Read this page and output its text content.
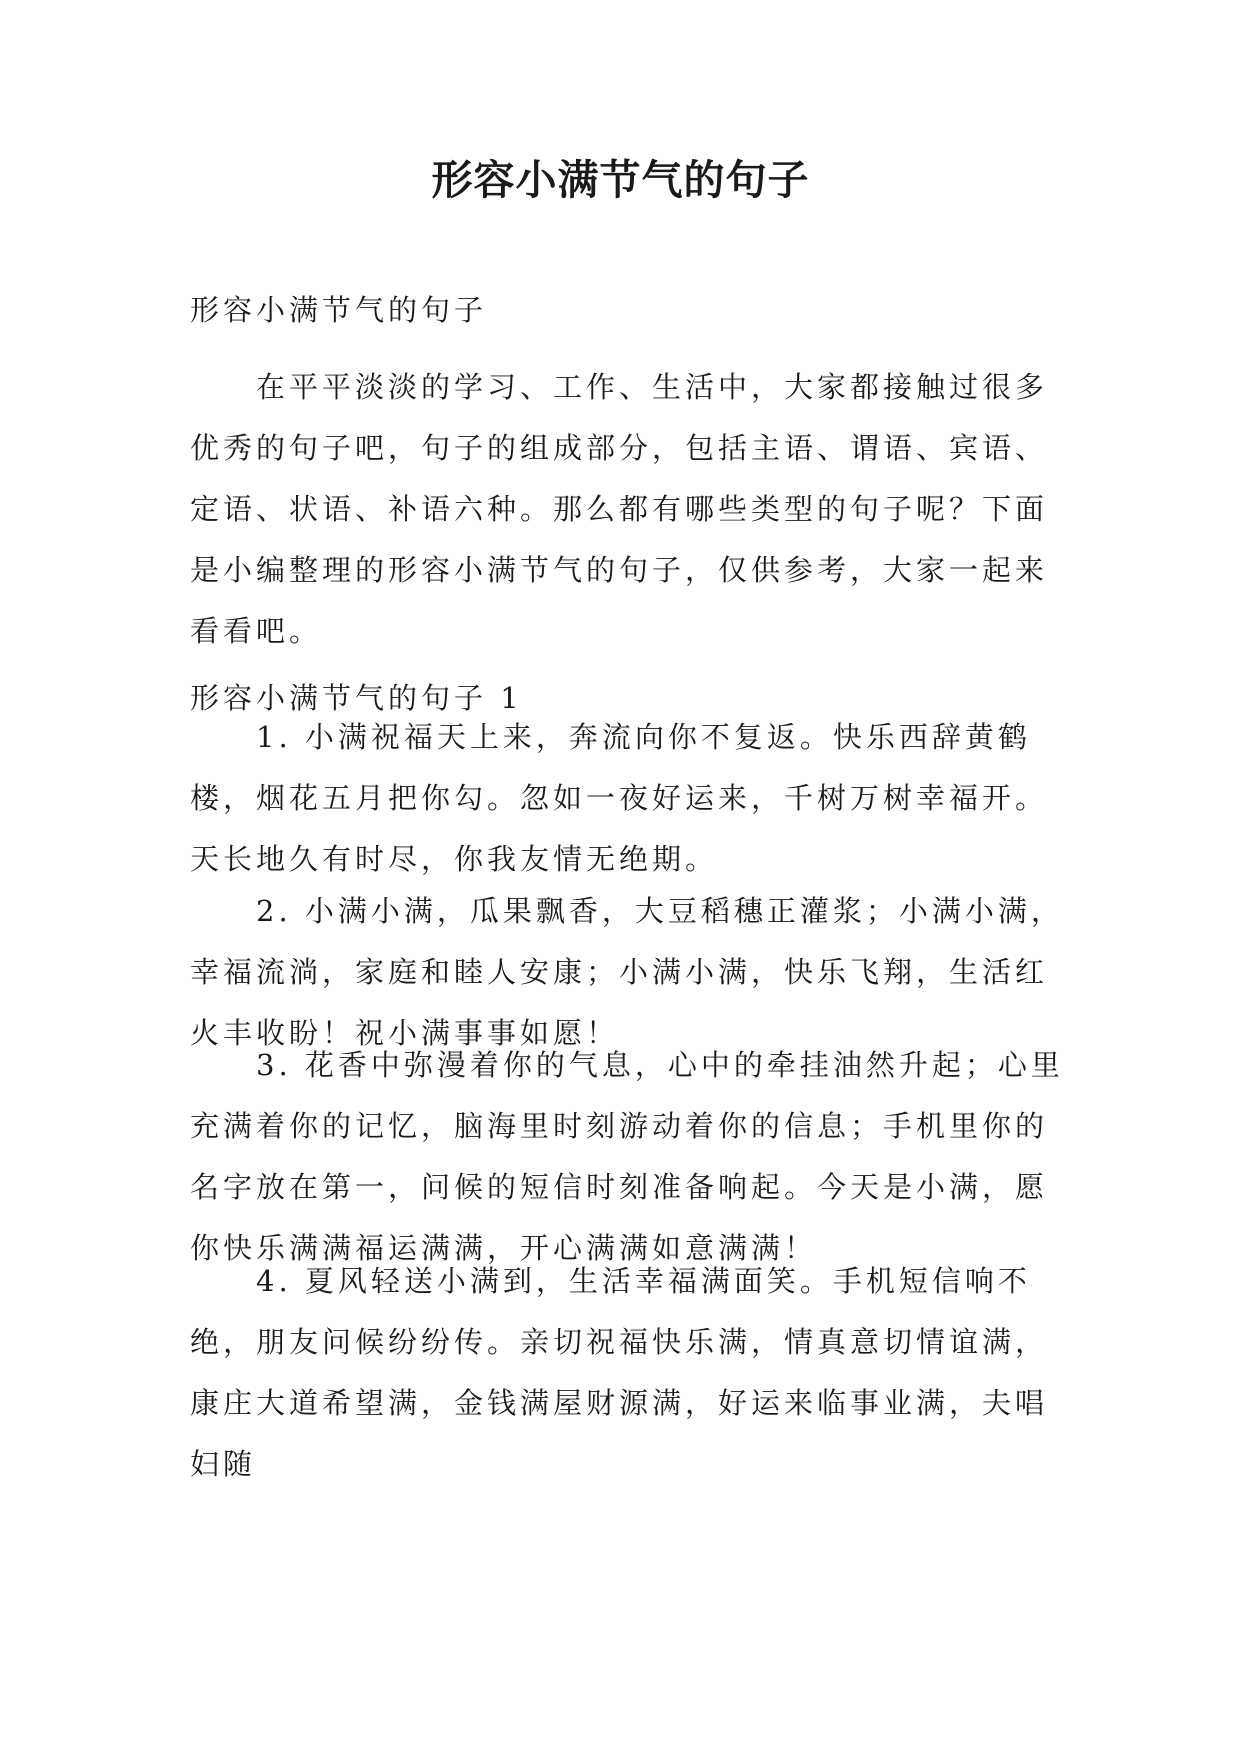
形容小满节气的句子
形容小满节气的句子
在平平淡淡的学习、工作、生活中，大家都接触过很多优秀的句子吧，句子的组成部分，包括主语、谓语、宾语、定语、状语、补语六种。那么都有哪些类型的句子呢？下面是小编整理的形容小满节气的句子，仅供参考，大家一起来看看吧。
形容小满节气的句子 1
1. 小满祝福天上来，奔流向你不复返。快乐西辞黄鹤楼，烟花五月把你勾。忽如一夜好运来，千树万树幸福开。天长地久有时尽，你我友情无绝期。
2. 小满小满，瓜果飘香，大豆稻穗正灌浆；小满小满，幸福流淌，家庭和睦人安康；小满小满，快乐飞翔，生活红火丰收盼！祝小满事事如愿！
3. 花香中弥漫着你的气息，心中的牵挂油然升起；心里充满着你的记忆，脑海里时刻游动着你的信息；手机里你的名字放在第一，问候的短信时刻准备响起。今天是小满，愿你快乐满满福运满满，开心满满如意满满！
4. 夏风轻送小满到，生活幸福满面笑。手机短信响不绝，朋友问候纷纷传。亲切祝福快乐满，情真意切情谊满，康庄大道希望满，金钱满屋财源满，好运来临事业满，夫唱妇随
